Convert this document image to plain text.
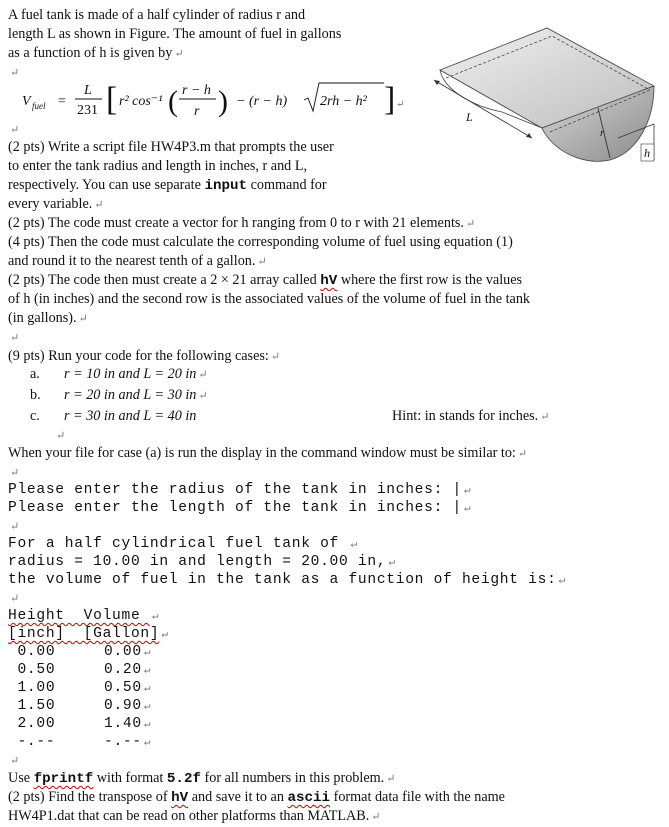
A fuel tank is made of a half cylinder of radius r and
length L as shown in Figure. The amount of fuel in gallons
as a function of h is given by ↵
↵
V fuel =
L
231 [ r² cos⁻¹ ( r − h
r ) − (r − h) 2rh − h² ] ↵
↵
L
r
h
(2 pts) Write a script file HW4P3.m that prompts the user
to enter the tank radius and length in inches, r and L,
respectively. You can use separate input command for
every variable. ↵
(2 pts) The code must create a vector for h ranging from 0 to r with 21 elements. ↵
(4 pts) Then the code must calculate the corresponding volume of fuel using equation (1)
and round it to the nearest tenth of a gallon. ↵
(2 pts) The code then must create a 2 × 21 array called hV where the first row is the values
of h (in inches) and the second row is the associated values of the volume of fuel in the tank
(in gallons). ↵
↵
(9 pts) Run your code for the following cases: ↵
a. r = 10 in and L = 20 in ↵
b. r = 20 in and L = 30 in ↵
c. r = 30 in and L = 40 in	Hint: in stands for inches. ↵
↵
When your file for case (a) is run the display in the command window must be similar to: ↵
↵
Please enter the radius of the tank in inches: | ↵
Please enter the length of the tank in inches: | ↵
↵
For a half cylindrical fuel tank of ↵
radius = 10.00 in and length = 20.00 in, ↵
the volume of fuel in the tank as a function of height is: ↵
↵
Height  Volume ↵
[inch]  [Gallon] ↵
0.00	0.00 ↵
0.50	0.20 ↵
1.00	0.50 ↵
1.50	0.90 ↵
2.00	1.40 ↵
-.--	-.-- ↵
↵
Use fprintf with format 5.2f for all numbers in this problem. ↵
(2 pts) Find the transpose of hV and save it to an ascii format data file with the name
HW4P1.dat that can be read on other platforms than MATLAB. ↵
